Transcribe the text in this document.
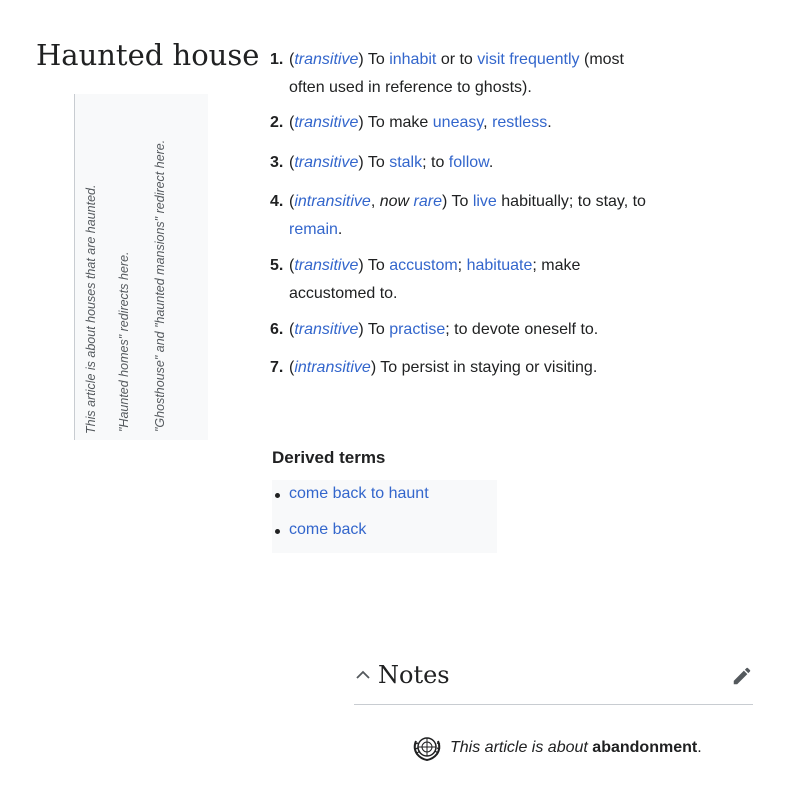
Haunted house
This article is about houses that are haunted. "Haunted homes" redirects here. "Ghosthouse" and "haunted mansions" redirect here.
1. (transitive) To inhabit or to visit frequently (most often used in reference to ghosts).
2. (transitive) To make uneasy, restless.
3. (transitive) To stalk; to follow.
4. (intransitive, now rare) To live habitually; to stay, to remain.
5. (transitive) To accustom; habituate; make accustomed to.
6. (transitive) To practise; to devote oneself to.
7. (intransitive) To persist in staying or visiting.
Derived terms
come back to haunt
come back
Notes
This article is about
abandonment .
